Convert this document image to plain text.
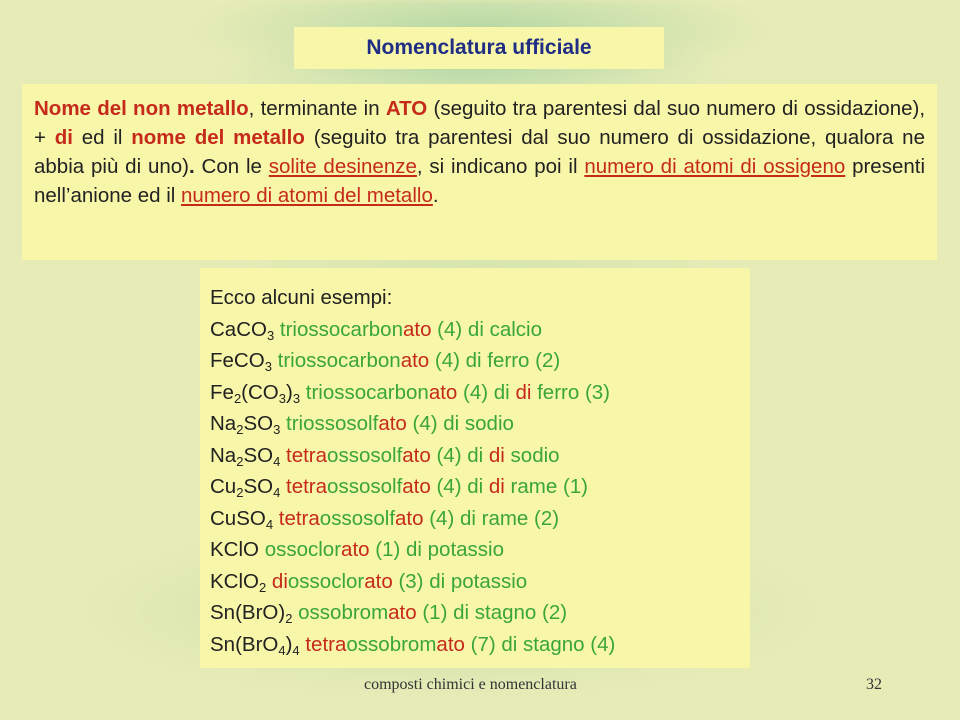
Nomenclatura ufficiale
Nome del non metallo, terminante in ATO (seguito tra parentesi dal suo numero di ossidazione), + di ed il nome del metallo (seguito tra parentesi dal suo numero di ossidazione, qualora ne abbia più di uno). Con le solite desinenze, si indicano poi il numero di atomi di ossigeno presenti nell’anione ed il numero di atomi del metallo.
Ecco alcuni esempi:
CaCO$_3$ triossocarbonato (4) di calcio
FeCO$_3$ triossocarbonato (4) di ferro (2)
$Fe_2(CO_3)_3$ triossocarbonato (4) di di ferro (3)
$Na_2SO_3$ triossosolfato (4) di sodio
$Na_2SO_4$ tetraossosolfato (4) di di sodio
$Cu_2SO_4$ tetraossosolfato (4) di di rame (1)
CuSO$_4$ tetraossosolfato (4) di rame (2)
KClO ossoclorato (1) di potassio
KClO$_2$ diossoclorato (3) di potassio
$Sn(BrO)_2$ ossobromato (1) di stagno (2)
$Sn(BrO_4)_4$ tetraossobromato (7) di stagno (4)
composti chimici e nomenclatura	32
